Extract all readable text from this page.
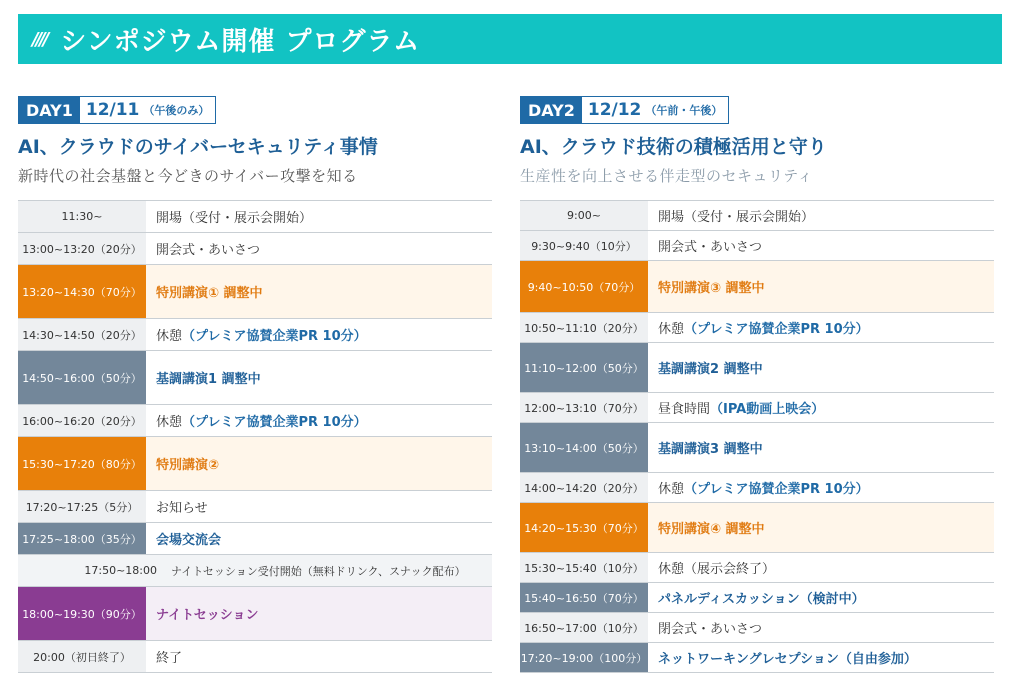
//// シンポジウム開催 プログラム
DAY1 12/11 （午後のみ）
AI、クラウドのサイバーセキュリティ事情
新時代の社会基盤と今どきのサイバー攻撃を知る
11:30~	開場（受付・展示会開始）
13:00~13:20（20分）	開会式・あいさつ
13:20~14:30（70分）	特別講演① 調整中
14:30~14:50（20分）	休憩 （プレミア協賛企業PR 10分）
14:50~16:00（50分）	基調講演1 調整中
16:00~16:20（20分）	休憩 （プレミア協賛企業PR 10分）
15:30~17:20（80分）	特別講演②
17:20~17:25（5分）	お知らせ
17:25~18:00（35分）	会場交流会
17:50~18:00	ナイトセッション受付開始（無料ドリンク、スナック配布）
18:00~19:30（90分）	ナイトセッション
20:00（初日終了）	終了
DAY2 12/12 （午前・午後）
AI、クラウド技術の積極活用と守り
生産性を向上させる伴走型のセキュリティ
9:00~	開場（受付・展示会開始）
9:30~9:40（10分）	開会式・あいさつ
9:40~10:50（70分）	特別講演③ 調整中
10:50~11:10（20分）	休憩 （プレミア協賛企業PR 10分）
11:10~12:00（50分）	基調講演2 調整中
12:00~13:10（70分）	昼食時間 （IPA動画上映会）
13:10~14:00（50分）	基調講演3 調整中
14:00~14:20（20分）	休憩 （プレミア協賛企業PR 10分）
14:20~15:30（70分）	特別講演④ 調整中
15:30~15:40（10分）	休憩（展示会終了）
15:40~16:50（70分）	パネルディスカッション（検討中）
16:50~17:00（10分）	閉会式・あいさつ
17:20~19:00（100分） ネットワーキングレセプション（自由参加）
